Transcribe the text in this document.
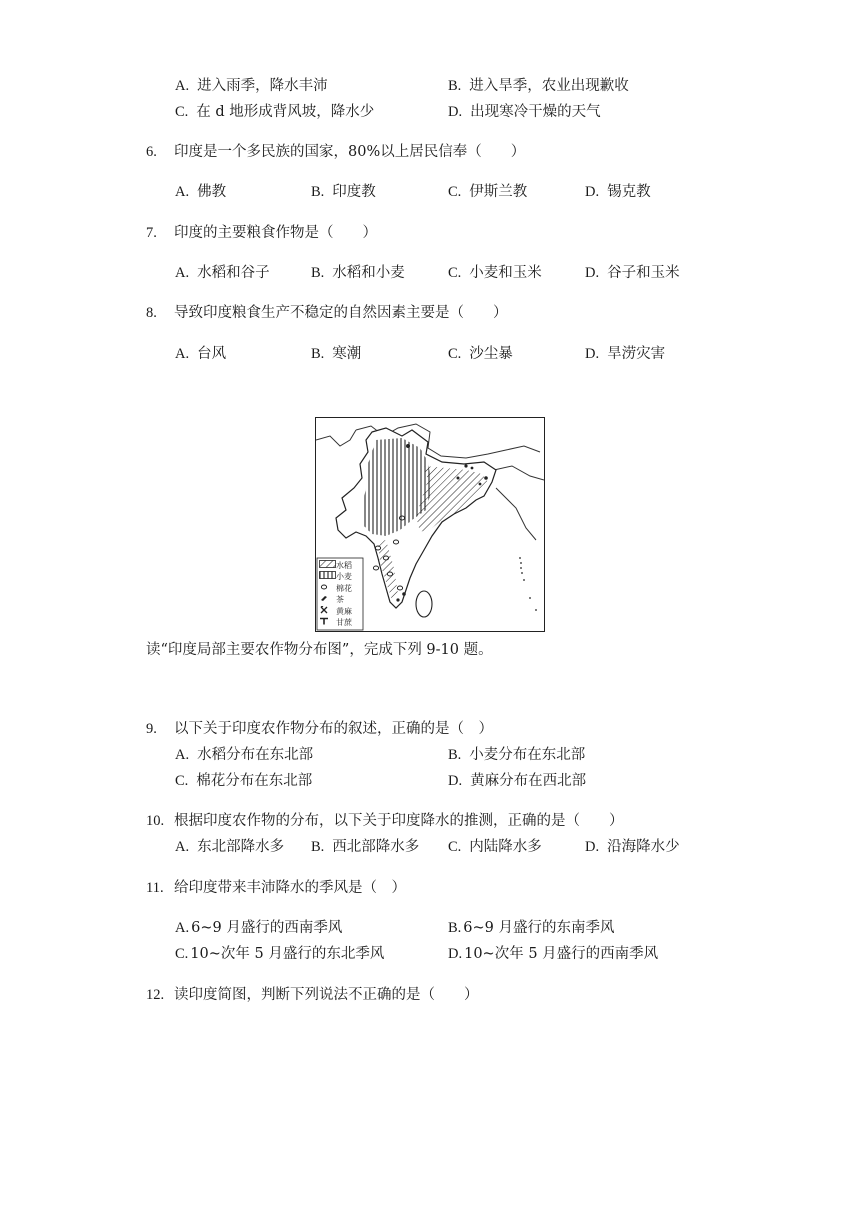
A. 进入雨季，降水丰沛	B. 进入旱季，农业出现歉收
C. 在 d 地形成背风坡，降水少	D. 出现寒冷干燥的天气
6. 印度是一个多民族的国家，80%以上居民信奉（　　）
A. 佛教	B. 印度教	C. 伊斯兰教	D. 锡克教
7. 印度的主要粮食作物是（　　）
A. 水稻和谷子	B. 水稻和小麦	C. 小麦和玉米	D. 谷子和玉米
8. 导致印度粮食生产不稳定的自然因素主要是（　　）
A. 台风	B. 寒潮	C. 沙尘暴	D. 旱涝灾害
水稻
小麦
棉花
茶
黄麻
甘蔗
读“印度局部主要农作物分布图”，完成下列 9-10 题。
9. 以下关于印度农作物分布的叙述，正确的是（　）
A. 水稻分布在东北部	B. 小麦分布在东北部
C. 棉花分布在东北部	D. 黄麻分布在西北部
10. 根据印度农作物的分布，以下关于印度降水的推测，正确的是（　　）
A. 东北部降水多 B. 西北部降水多 C. 内陆降水多	D. 沿海降水少
11. 给印度带来丰沛降水的季风是（　）
A. 6~9 月盛行的西南季风	B. 6~9 月盛行的东南季风
C. 10~次年 5 月盛行的东北季风	D. 10~次年 5 月盛行的西南季风
12. 读印度简图，判断下列说法不正确的是（　　）
